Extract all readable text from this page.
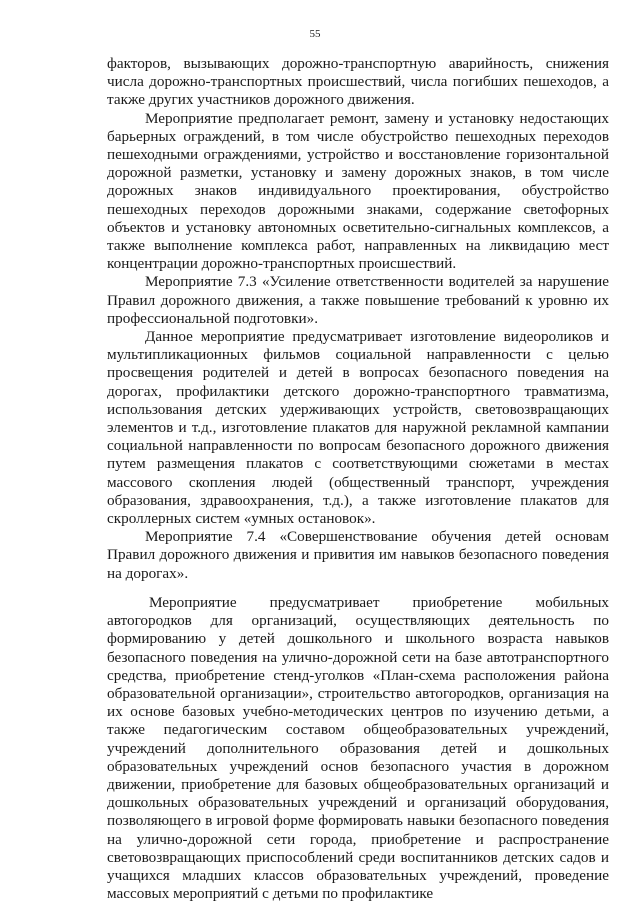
55

факторов, вызывающих дорожно-транспортную аварийность, снижения числа дорожно-транспортных происшествий, числа погибших пешеходов, а также других участников дорожного движения.

Мероприятие предполагает ремонт, замену и установку недостающих барьерных ограждений, в том числе обустройство пешеходных переходов пешеходными ограждениями, устройство и восстановление горизонтальной дорожной разметки, установку и замену дорожных знаков, в том числе дорожных знаков индивидуального проектирования, обустройство пешеходных переходов дорожными знаками, содержание светофорных объектов и установку автономных осветительно-сигнальных комплексов, а также выполнение комплекса работ, направленных на ликвидацию мест концентрации дорожно-транспортных происшествий.

Мероприятие 7.3 «Усиление ответственности водителей за нарушение Правил дорожного движения, а также повышение требований к уровню их профессиональной подготовки».

Данное мероприятие предусматривает изготовление видеороликов и мультипликационных фильмов социальной направленности с целью просвещения родителей и детей в вопросах безопасного поведения на дорогах, профилактики детского дорожно-транспортного травматизма, использования детских удерживающих устройств, световозвращающих элементов и т.д., изготовление плакатов для наружной рекламной кампании социальной направленности по вопросам безопасного дорожного движения путем размещения плакатов с соответствующими сюжетами в местах массового скопления людей (общественный транспорт, учреждения образования, здравоохранения, т.д.), а также изготовление плакатов для скроллерных систем «умных остановок».

Мероприятие 7.4 «Совершенствование обучения детей основам Правил дорожного движения и привития им навыков безопасного поведения на дорогах».

Мероприятие предусматривает приобретение мобильных автогородков для организаций, осуществляющих деятельность по формированию у детей дошкольного и школьного возраста навыков безопасного поведения на улично-дорожной сети на базе автотранспортного средства, приобретение стенд-уголков «План-схема расположения района образовательной организации», строительство автогородков, организация на их основе базовых учебно-методических центров по изучению детьми, а также педагогическим составом общеобразовательных учреждений, учреждений дополнительного образования детей и дошкольных образовательных учреждений основ безопасного участия в дорожном движении, приобретение для базовых общеобразовательных организаций и дошкольных образовательных учреждений и организаций оборудования, позволяющего в игровой форме формировать навыки безопасного поведения на улично-дорожной сети города, приобретение и распространение световозвращающих приспособлений среди воспитанников детских садов и учащихся младших классов образовательных учреждений, проведение массовых мероприятий с детьми по профилактике
